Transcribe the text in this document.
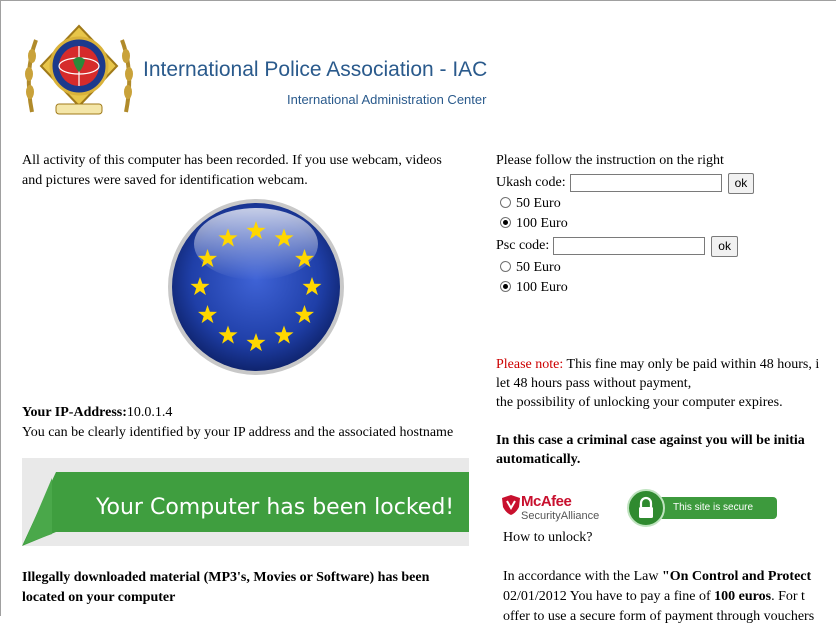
International Police Association - IAC
International Administration Center
All activity of this computer has been recorded. If you use webcam, videos
and pictures were saved for identification webcam.
Your IP-Address:10.0.1.4
You can be clearly identified by your IP address and the associated hostname
Your Computer has been locked!
Illegally downloaded material (MP3's, Movies or Software) has been
located on your computer
Please follow the instruction on the right
Ukash code:	ok
50 Euro
100 Euro
Psc code:	ok
50 Euro
100 Euro
Please note: This fine may only be paid within 48 hours, i
let 48 hours pass without payment,
the possibility of unlocking your computer expires.
In this case a criminal case against you will be initia
automatically.
McAfee
SecurityAlliance
This site is secure
How to unlock?
In accordance with the Law "On Control and Protect
02/01/2012 You have to pay a fine of 100 euros. For t
offer to use a secure form of payment through vouchers
